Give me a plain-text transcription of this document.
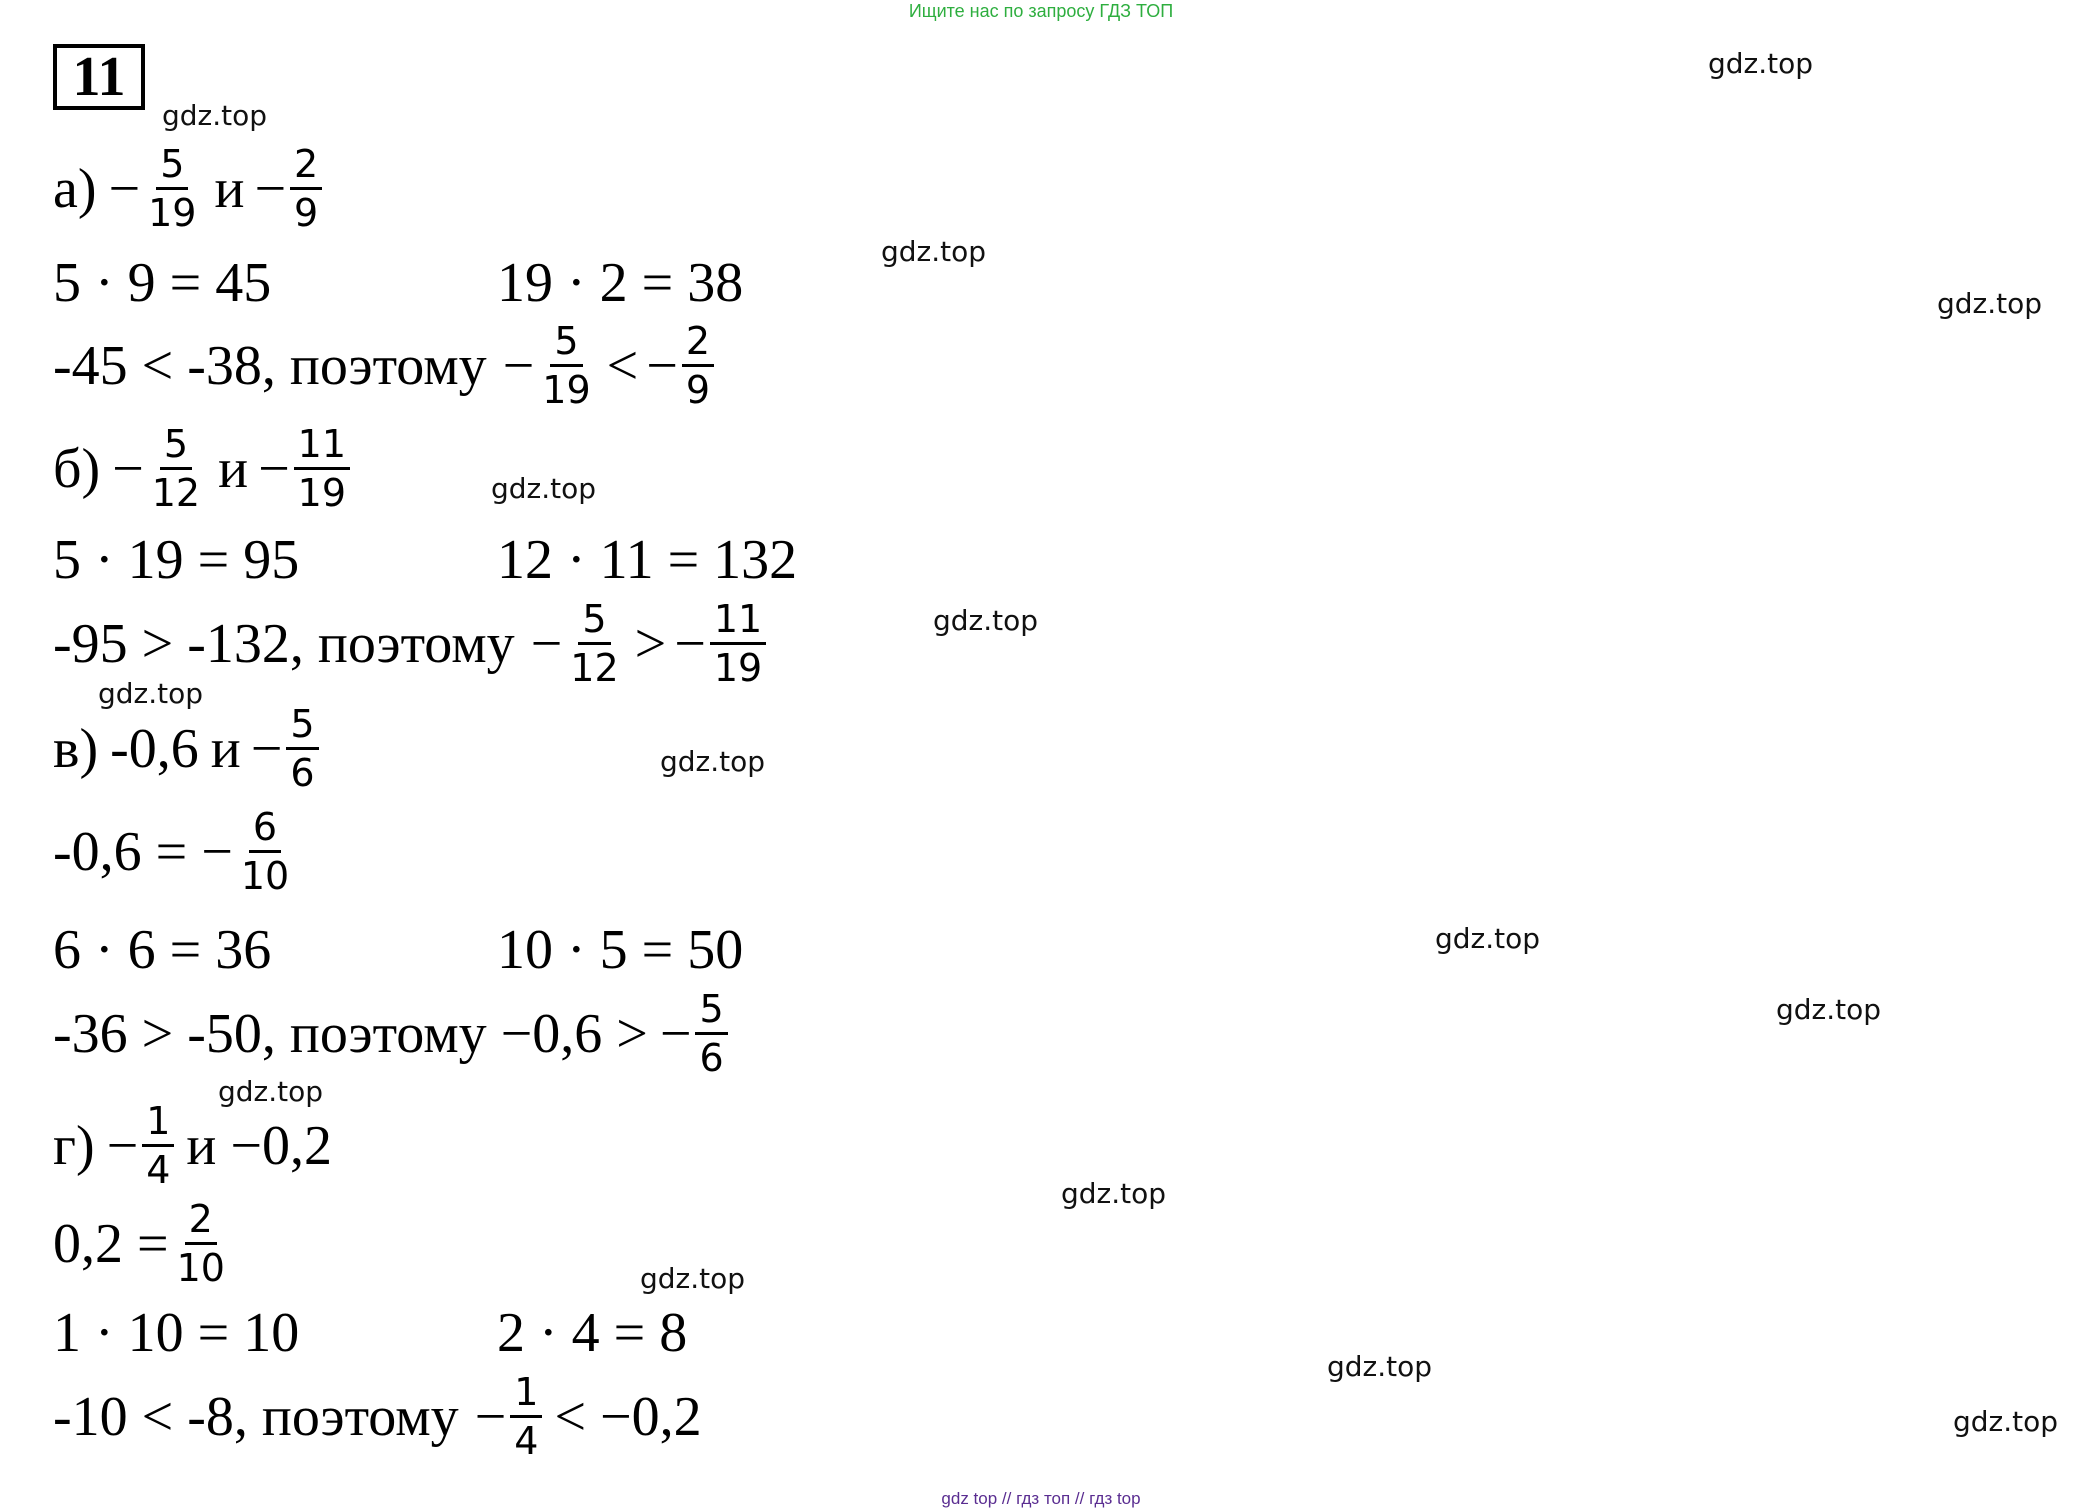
Ищите нас по запросу ГДЗ ТОП
11
$а) - \frac{5}{19}$ $и - \frac{2}{9}$
5 · 9 = 45	19 · 2 = 38
-45 < -38, поэтому − $\frac{5}{19}$ < − $\frac{2}{9}$
$б) - \frac{5}{12}$ $и - \frac{11}{19}$
5 · 19 = 95	12 · 11 = 132
-95 > -132, поэтому − $\frac{5}{12}$ > − $\frac{11}{19}$
в) -0,6 $и - \frac{5}{6}$
-0,6 = − $\frac{6}{10}$
6 · 6 = 36	10 · 5 = 50
-36 > -50, поэтому −0,6 > − $\frac{5}{6}$
$г) - \frac{1}{4}$ и −0,2
$0,2 = \frac{2}{10}$
1 · 10 = 10	2 · 4 = 8
-10 < -8, поэтому − $\frac{1}{4} < -0,2$
gdz.top
gdz.top
gdz.top
gdz.top
gdz.top
gdz.top
gdz.top
gdz.top
gdz.top
gdz.top
gdz.top
gdz.top
gdz.top
gdz.top
gdz.top
gdz top // гдз топ // гдз top
